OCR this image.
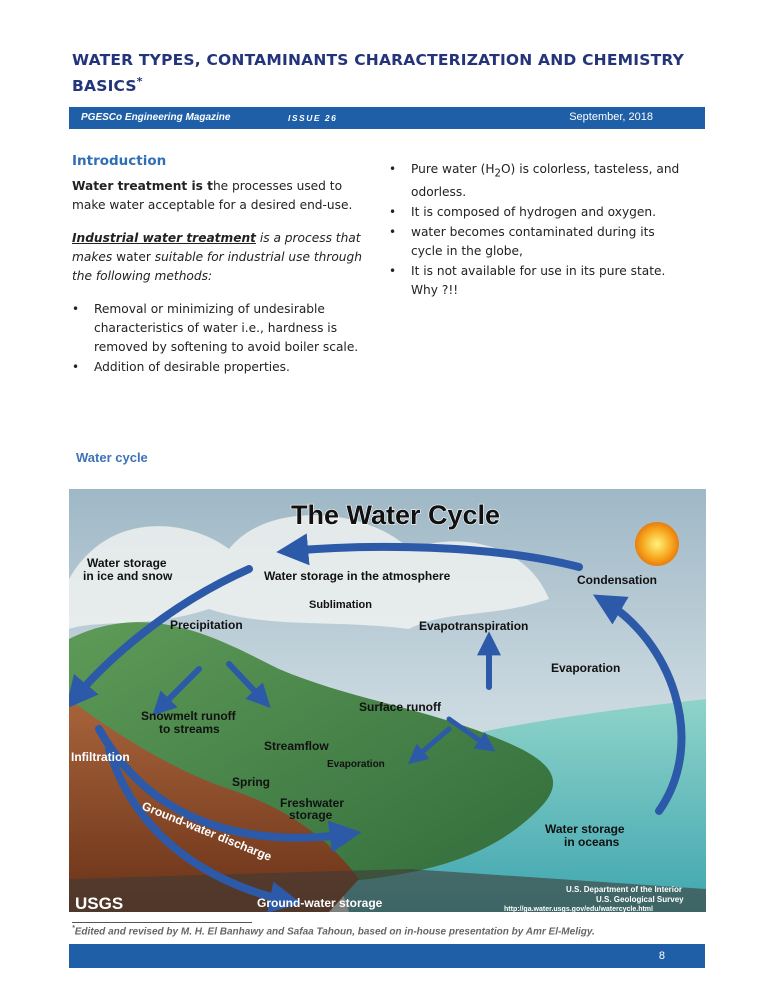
WATER TYPES, CONTAMINANTS CHARACTERIZATION AND CHEMISTRY BASICS*
PGESCo Engineering Magazine	ISSUE 26	September, 2018
Introduction

Water treatment is the processes used to make water acceptable for a desired end-use.

Industrial water treatment is a process that makes water suitable for industrial use through the following methods:

• Removal or minimizing of undesirable characteristics of water i.e., hardness is removed by softening to avoid boiler scale.
• Addition of desirable properties.
• Pure water $(H_2O)$ is colorless, tasteless, and odorless.
• It is composed of hydrogen and oxygen.
• water becomes contaminated during its cycle in the globe,
• It is not available for use in its pure state. Why ?!!
Water cycle
The Water Cycle
Water storage
in ice and snow	Water storage in the atmosphere	Condensation
Sublimation
Precipitation	Evapotranspiration
Evaporation
Surface runoff
Snowmelt runoff
to streams
Infiltration
Streamflow
Evaporation
Spring
Freshwater
storage
Ground-water discharge	Water storage
in oceans
Ground-water storage
USGS
U.S. Department of the Interior
U.S. Geological Survey
http://ga.water.usgs.gov/edu/watercycle.html
*Edited and revised by M. H. El Banhawy and Safaa Tahoun, based on in-house presentation by Amr El-Meligy.
8
